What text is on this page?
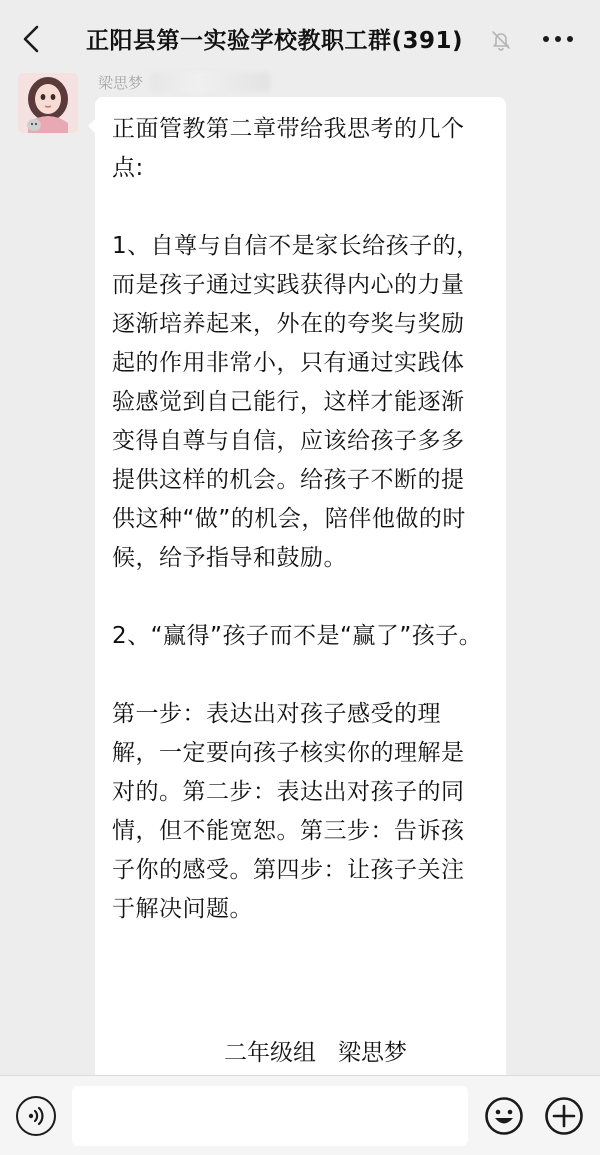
正阳县第一实验学校教职工群(391)
梁思梦
正面管教第二章带给我思考的几个点:

1、自尊与自信不是家长给孩子的，而是孩子通过实践获得内心的力量逐渐培养起来，外在的夸奖与奖励起的作用非常小，只有通过实践体验感觉到自己能行，这样才能逐渐变得自尊与自信，应该给孩子多多提供这样的机会。给孩子不断的提供这种“做”的机会，陪伴他做的时候，给予指导和鼓励。

2、“赢得”孩子而不是“赢了”孩子。

第一步：表达出对孩子感受的理解，一定要向孩子核实你的理解是对的。第二步：表达出对孩子的同情，但不能宽恕。第三步：告诉孩子你的感受。第四步：让孩子关注于解决问题。
二年级组   梁思梦
